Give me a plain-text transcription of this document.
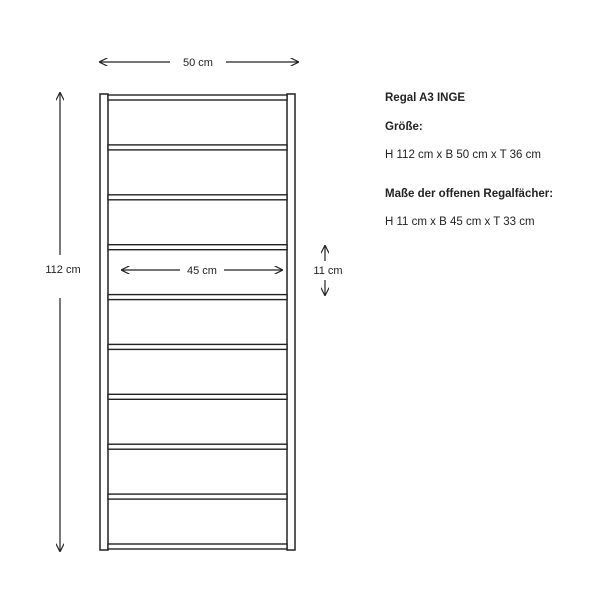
50 cm
112 cm	45 cm	11 cm
Regal A3 INGE
Größe:
H 112 cm x B 50 cm x T 36 cm
Maße der offenen Regalfächer:
H 11 cm x B 45 cm x T 33 cm
